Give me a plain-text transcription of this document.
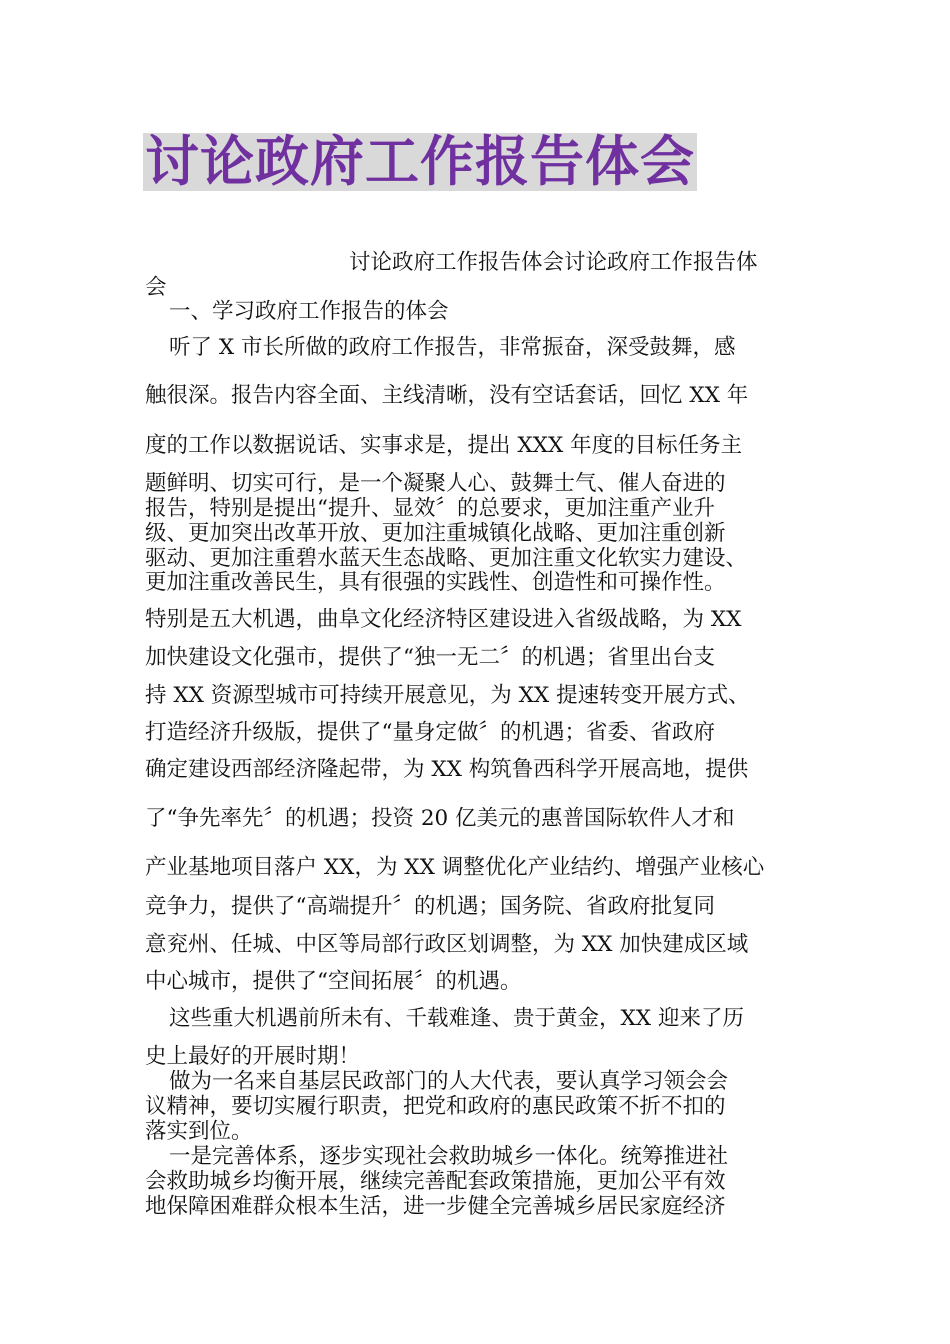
讨论政府工作报告体会
讨论政府工作报告体会讨论政府工作报告体
会
一、学习政府工作报告的体会
听了 X 市长所做的政府工作报告，非常振奋，深受鼓舞，感
触很深。报告内容全面、主线清晰，没有空话套话，回忆 XX 年
度的工作以数据说话、实事求是，提出 XXX 年度的目标任务主
题鲜明、切实可行，是一个凝聚人心、鼓舞士气、催人奋进的
报告，特别是提出“提升、显效〞的总要求，更加注重产业升
级、更加突出改革开放、更加注重城镇化战略、更加注重创新
驱动、更加注重碧水蓝天生态战略、更加注重文化软实力建设、
更加注重改善民生，具有很强的实践性、创造性和可操作性。
特别是五大机遇，曲阜文化经济特区建设进入省级战略，为 XX
加快建设文化强市，提供了“独一无二〞的机遇；省里出台支
持 XX 资源型城市可持续开展意见，为 XX 提速转变开展方式、
打造经济升级版，提供了“量身定做〞的机遇；省委、省政府
确定建设西部经济隆起带，为 XX 构筑鲁西科学开展高地，提供
了“争先率先〞的机遇；投资 20 亿美元的惠普国际软件人才和
产业基地项目落户 XX，为 XX 调整优化产业结约、增强产业核心
竞争力，提供了“高端提升〞的机遇；国务院、省政府批复同
意兖州、任城、中区等局部行政区划调整，为 XX 加快建成区域
中心城市，提供了“空间拓展〞的机遇。
这些重大机遇前所未有、千载难逢、贵于黄金，XX 迎来了历
史上最好的开展时期！
做为一名来自基层民政部门的人大代表，要认真学习领会会
议精神，要切实履行职责，把党和政府的惠民政策不折不扣的
落实到位。
一是完善体系，逐步实现社会救助城乡一体化。统筹推进社
会救助城乡均衡开展，继续完善配套政策措施，更加公平有效
地保障困难群众根本生活，进一步健全完善城乡居民家庭经济
